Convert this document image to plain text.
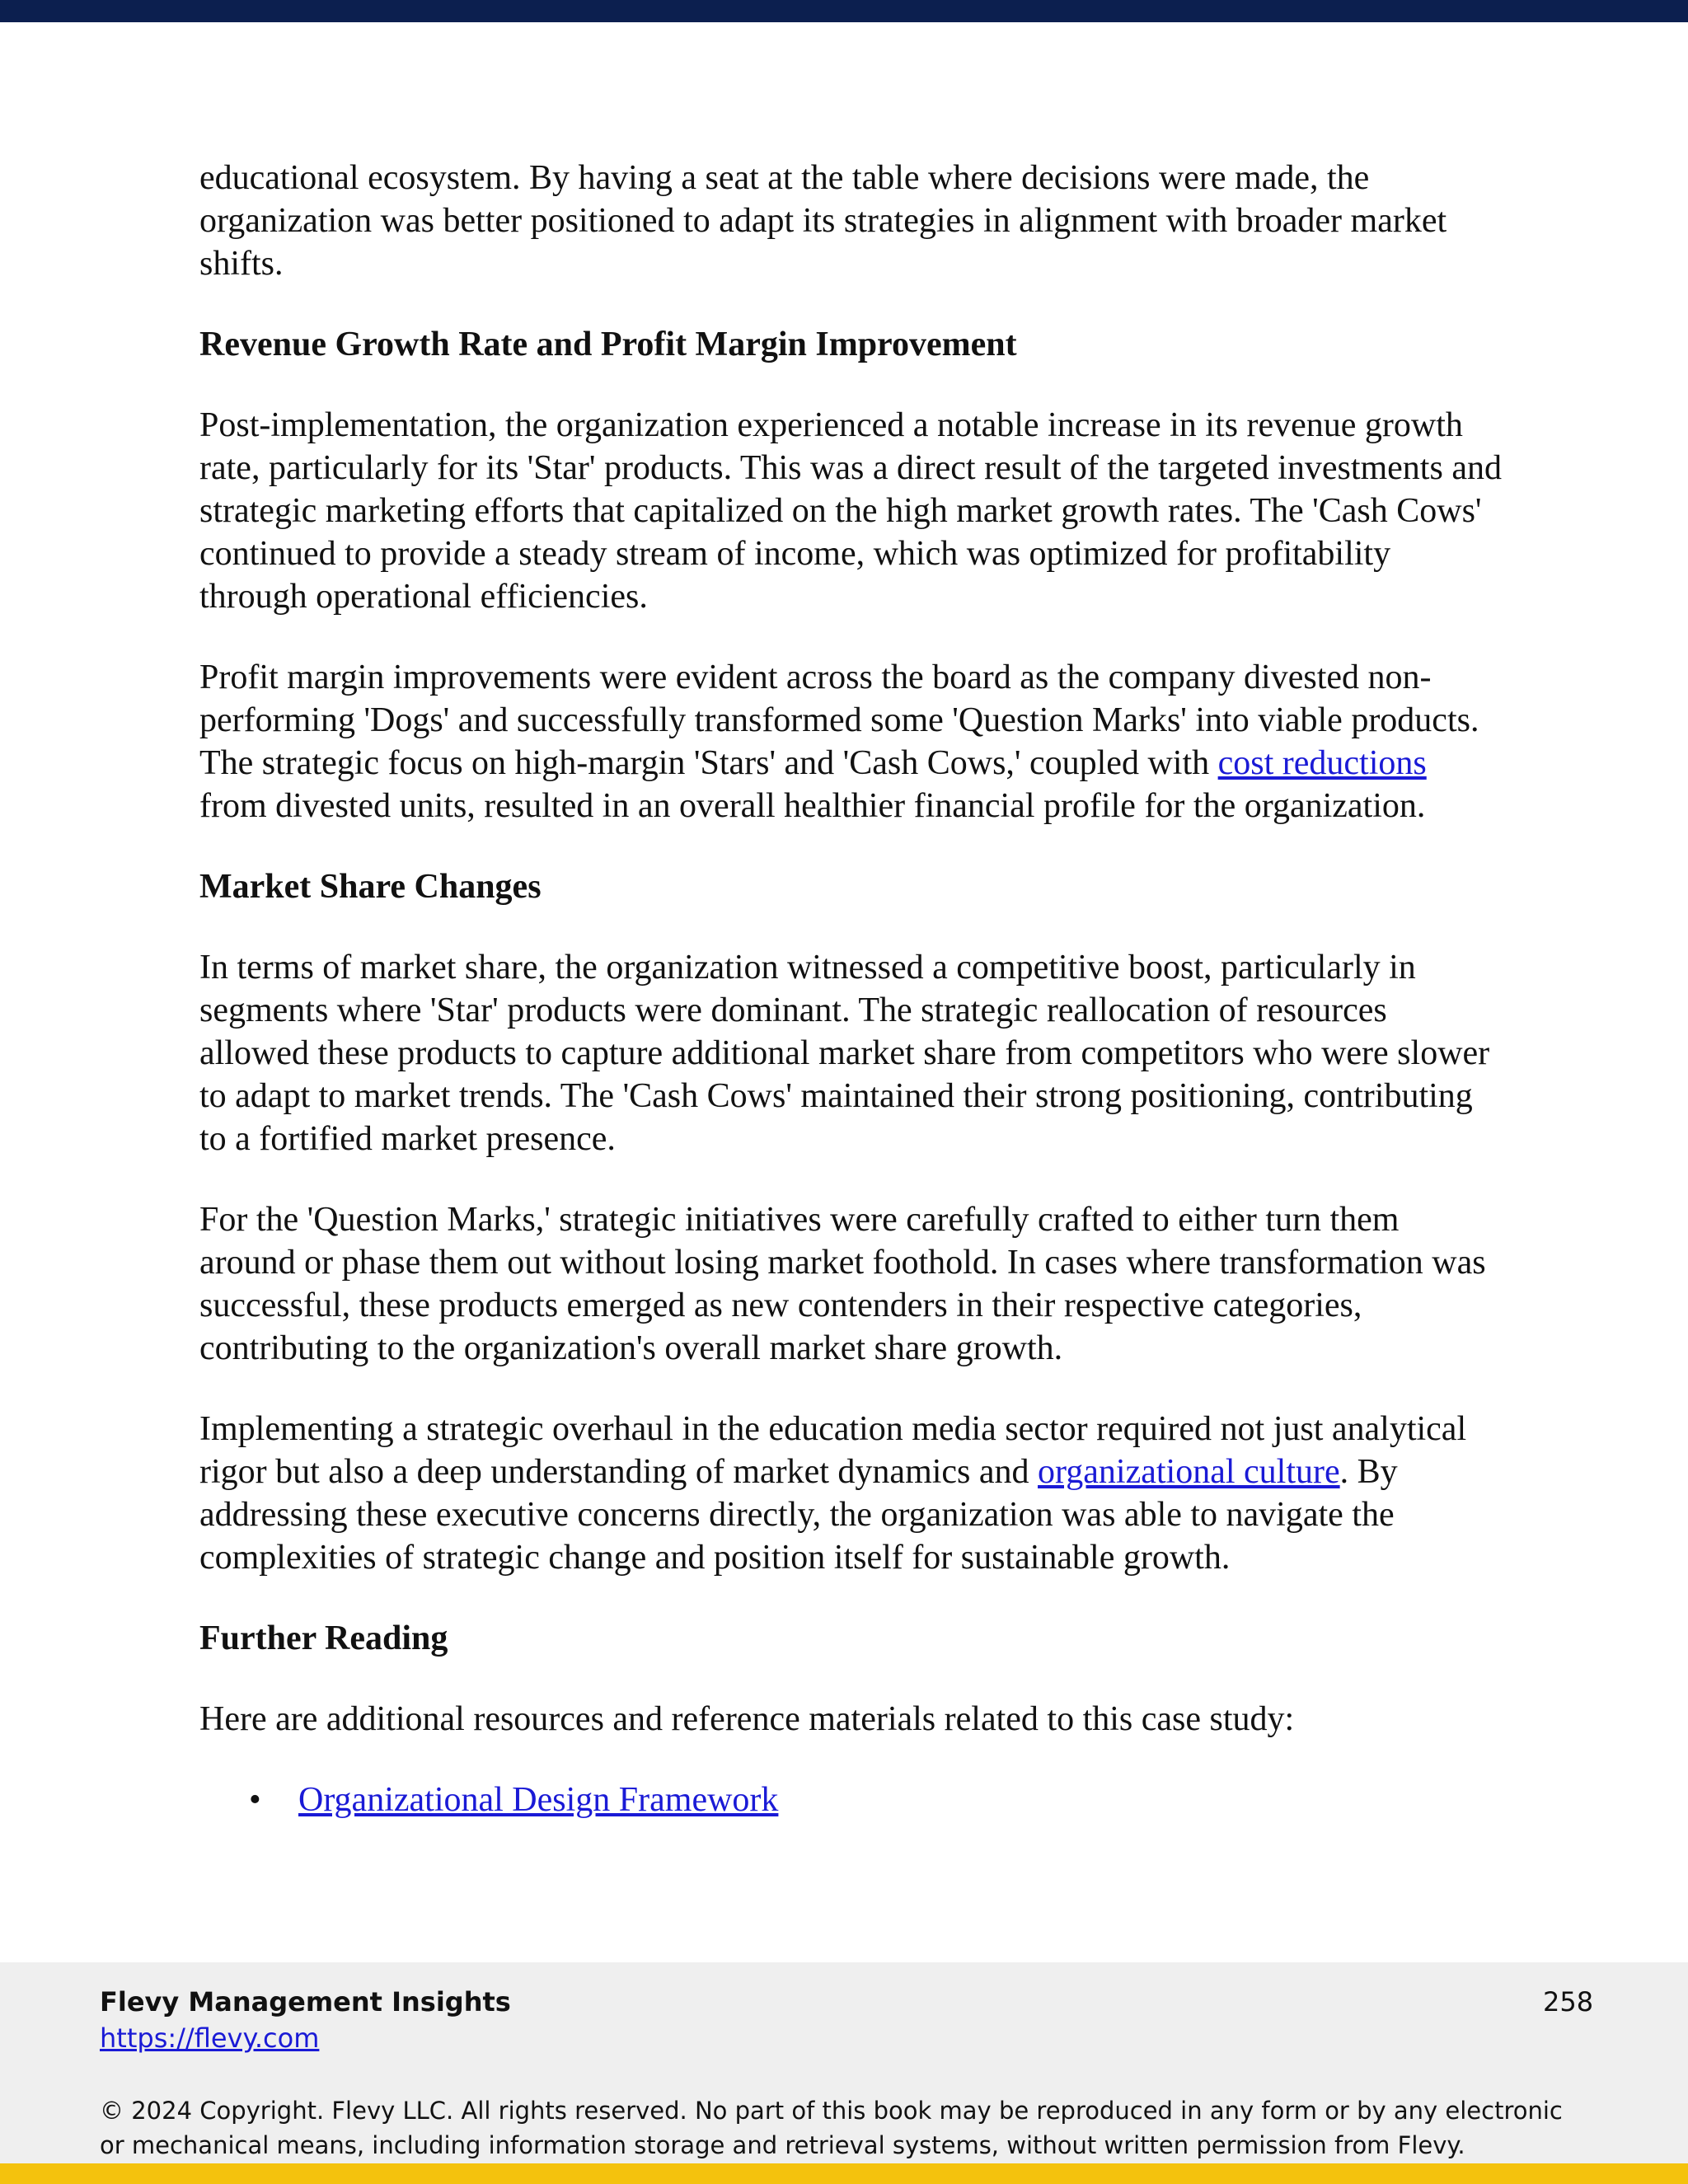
educational ecosystem. By having a seat at the table where decisions were made, the organization was better positioned to adapt its strategies in alignment with broader market shifts.

Revenue Growth Rate and Profit Margin Improvement

Post-implementation, the organization experienced a notable increase in its revenue growth rate, particularly for its 'Star' products. This was a direct result of the targeted investments and strategic marketing efforts that capitalized on the high market growth rates. The 'Cash Cows' continued to provide a steady stream of income, which was optimized for profitability through operational efficiencies.

Profit margin improvements were evident across the board as the company divested non-performing 'Dogs' and successfully transformed some 'Question Marks' into viable products. The strategic focus on high-margin 'Stars' and 'Cash Cows,' coupled with cost reductions from divested units, resulted in an overall healthier financial profile for the organization.

Market Share Changes

In terms of market share, the organization witnessed a competitive boost, particularly in segments where 'Star' products were dominant. The strategic reallocation of resources allowed these products to capture additional market share from competitors who were slower to adapt to market trends. The 'Cash Cows' maintained their strong positioning, contributing to a fortified market presence.

For the 'Question Marks,' strategic initiatives were carefully crafted to either turn them around or phase them out without losing market foothold. In cases where transformation was successful, these products emerged as new contenders in their respective categories, contributing to the organization's overall market share growth.

Implementing a strategic overhaul in the education media sector required not just analytical rigor but also a deep understanding of market dynamics and organizational culture. By addressing these executive concerns directly, the organization was able to navigate the complexities of strategic change and position itself for sustainable growth.

Further Reading

Here are additional resources and reference materials related to this case study:

• Organizational Design Framework
Flevy Management Insights
https://flevy.com
258
© 2024 Copyright. Flevy LLC. All rights reserved. No part of this book may be reproduced in any form or by any electronic or mechanical means, including information storage and retrieval systems, without written permission from Flevy.
